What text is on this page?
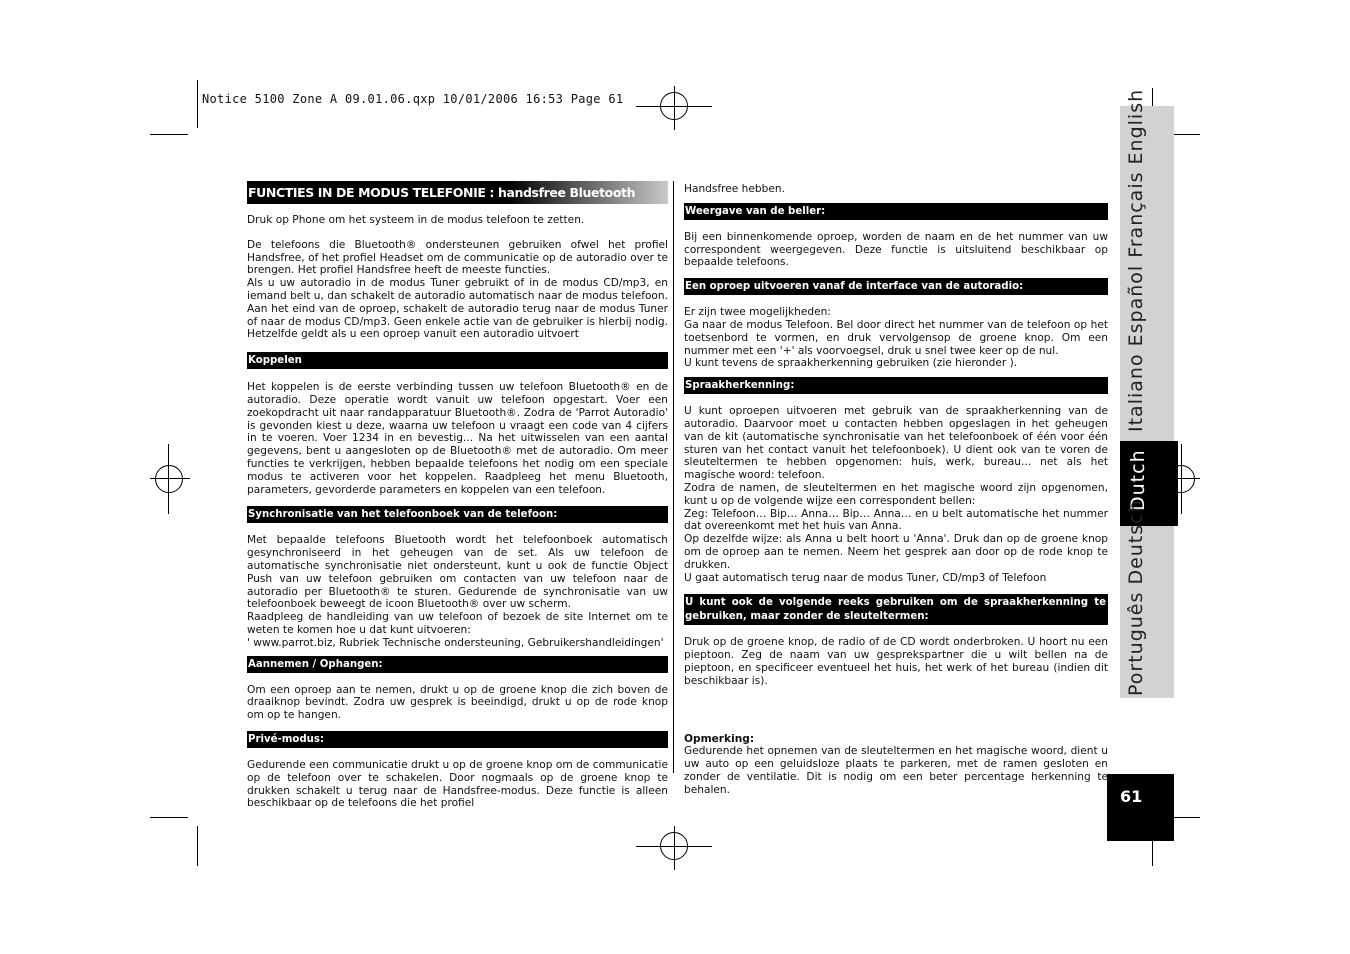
Notice 5100 Zone A 09.01.06.qxp 10/01/2006 16:53 Page 61	Italiano Español Français English
Dutch
Português Deutsch
61
FUNCTIES IN DE MODUS TELEFONIE : handsfree Bluetooth

Druk op Phone om het systeem in de modus telefoon te zetten.

De telefoons die Bluetooth® ondersteunen gebruiken ofwel het profiel Handsfree, of het profiel Headset om de communicatie op de autoradio over te brengen. Het profiel Handsfree heeft de meeste functies.

Als u uw autoradio in de modus Tuner gebruikt of in de modus CD/mp3, en iemand belt u, dan schakelt de autoradio automatisch naar de modus telefoon. Aan het eind van de oproep, schakelt de autoradio terug naar de modus Tuner of naar de modus CD/mp3. Geen enkele actie van de gebruiker is hierbij nodig. Hetzelfde geldt als u een oproep vanuit een autoradio uitvoert

Koppelen

Het koppelen is de eerste verbinding tussen uw telefoon Bluetooth® en de autoradio. Deze operatie wordt vanuit uw telefoon opgestart. Voer een zoekopdracht uit naar randapparatuur Bluetooth®. Zodra de 'Parrot Autoradio' is gevonden kiest u deze, waarna uw telefoon u vraagt een code van 4 cijfers in te voeren. Voer 1234 in en bevestig... Na het uitwisselen van een aantal gegevens, bent u aangesloten op de Bluetooth® met de autoradio. Om meer functies te verkrijgen, hebben bepaalde telefoons het nodig om een speciale modus te activeren voor het koppelen. Raadpleeg het menu Bluetooth, parameters, gevorderde parameters en koppelen van een telefoon.

Synchronisatie van het telefoonboek van de telefoon:

Met bepaalde telefoons Bluetooth wordt het telefoonboek automatisch gesynchroniseerd in het geheugen van de set. Als uw telefoon de automatische synchronisatie niet ondersteunt, kunt u ook de functie Object Push van uw telefoon gebruiken om contacten van uw telefoon naar de autoradio per Bluetooth® te sturen. Gedurende de synchronisatie van uw telefoonboek beweegt de icoon Bluetooth® over uw scherm.

Raadpleeg de handleiding van uw telefoon of bezoek de site Internet om te weten te komen hoe u dat kunt uitvoeren:

' www.parrot.biz, Rubriek Technische ondersteuning, Gebruikershandleidingen'

Aannemen / Ophangen:

Om een oproep aan te nemen, drukt u op de groene knop die zich boven de draaiknop bevindt. Zodra uw gesprek is beeindigd, drukt u op de rode knop om op te hangen.

Privé-modus:

Gedurende een communicatie drukt u op de groene knop om de communicatie op de telefoon over te schakelen. Door nogmaals op de groene knop te drukken schakelt u terug naar de Handsfree-modus. Deze functie is alleen beschikbaar op de telefoons die het profiel

Handsfree hebben.

Weergave van de beller:

Bij een binnenkomende oproep, worden de naam en de het nummer van uw correspondent weergegeven. Deze functie is uitsluitend beschikbaar op bepaalde telefoons.

Een oproep uitvoeren vanaf de interface van de autoradio:

Er zijn twee mogelijkheden:

Ga naar de modus Telefoon. Bel door direct het nummer van de telefoon op het toetsenbord te vormen, en druk vervolgensop de groene knop. Om een nummer met een '+' als voorvoegsel, druk u snel twee keer op de nul.

U kunt tevens de spraakherkenning gebruiken (zie hieronder ).

Spraakherkenning:

U kunt oproepen uitvoeren met gebruik van de spraakherkenning van de autoradio. Daarvoor moet u contacten hebben opgeslagen in het geheugen van de kit (automatische synchronisatie van het telefoonboek of één voor één sturen van het contact vanuit het telefoonboek). U dient ook van te voren de sleuteltermen te hebben opgenomen: huis, werk, bureau... net als het magische woord: telefoon.

Zodra de namen, de sleuteltermen en het magische woord zijn opgenomen, kunt u op de volgende wijze een correspondent bellen:

Zeg: Telefoon… Bip… Anna… Bip… Anna… en u belt automatische het nummer dat overeenkomt met het huis van Anna.

Op dezelfde wijze: als Anna u belt hoort u 'Anna'. Druk dan op de groene knop om de oproep aan te nemen. Neem het gesprek aan door op de rode knop te drukken.

U gaat automatisch terug naar de modus Tuner, CD/mp3 of Telefoon

U kunt ook de volgende reeks gebruiken om de spraakherkenning te gebruiken, maar zonder de sleuteltermen:

Druk op de groene knop, de radio of de CD wordt onderbroken. U hoort nu een pieptoon. Zeg de naam van uw gesprekspartner die u wilt bellen na de pieptoon, en specificeer eventueel het huis, het werk of het bureau (indien dit beschikbaar is).

Opmerking:

Gedurende het opnemen van de sleuteltermen en het magische woord, dient u uw auto op een geluidsloze plaats te parkeren, met de ramen gesloten en zonder de ventilatie. Dit is nodig om een beter percentage herkenning te behalen.
